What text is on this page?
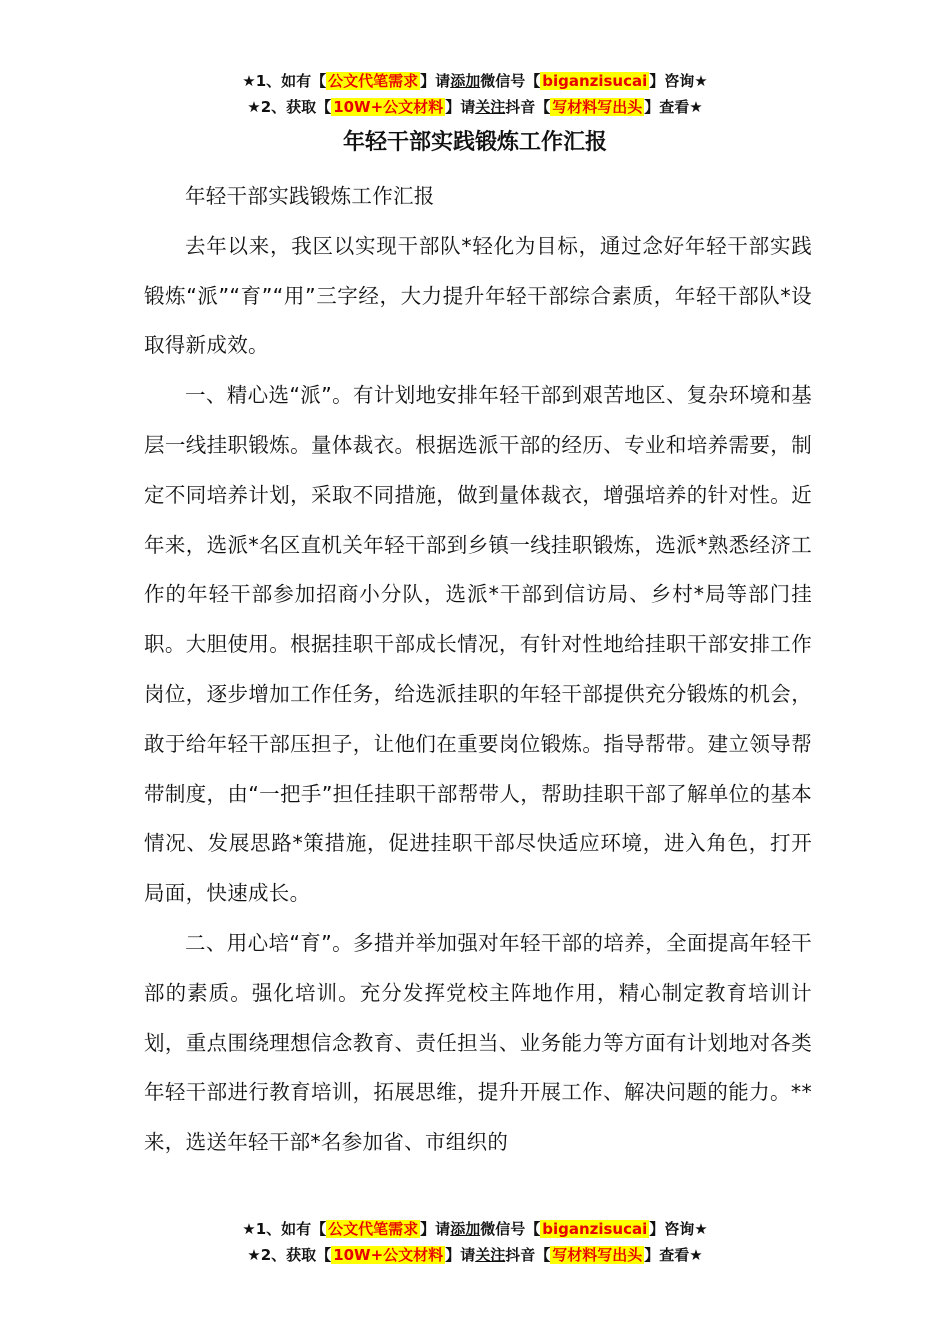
★1、如有【 公文代笔需求 】请添加微信号【 biganzisucai 】咨询★
★2、获取【 10W+公文材料 】请关注抖音【 写材料写出头 】查看★
年轻干部实践锻炼工作汇报

年轻干部实践锻炼工作汇报

去年以来，我区以实现干部队*轻化为目标，通过念好年轻干部实践锻炼“派”“育”“用”三字经，大力提升年轻干部综合素质，年轻干部队*设取得新成效。

一、精心选“派”。有计划地安排年轻干部到艰苦地区、复杂环境和基层一线挂职锻炼。量体裁衣。根据选派干部的经历、专业和培养需要，制定不同培养计划，采取不同措施，做到量体裁衣，增强培养的针对性。近年来，选派*名区直机关年轻干部到乡镇一线挂职锻炼，选派*熟悉经济工作的年轻干部参加招商小分队，选派*干部到信访局、乡村*局等部门挂职。大胆使用。根据挂职干部成长情况，有针对性地给挂职干部安排工作岗位，逐步增加工作任务，给选派挂职的年轻干部提供充分锻炼的机会，敢于给年轻干部压担子，让他们在重要岗位锻炼。指导帮带。建立领导帮带制度，由“一把手”担任挂职干部帮带人，帮助挂职干部了解单位的基本情况、发展思路*策措施，促进挂职干部尽快适应环境，进入角色，打开局面，快速成长。

二、用心培“育”。多措并举加强对年轻干部的培养，全面提高年轻干部的素质。强化培训。充分发挥党校主阵地作用，精心制定教育培训计划，重点围绕理想信念教育、责任担当、业务能力等方面有计划地对各类年轻干部进行教育培训，拓展思维，提升开展工作、解决问题的能力。**来，选送年轻干部*名参加省、市组织的

★1、如有【 公文代笔需求 】请添加微信号【 biganzisucai 】咨询★
★2、获取【 10W+公文材料 】请关注抖音【 写材料写出头 】查看★
